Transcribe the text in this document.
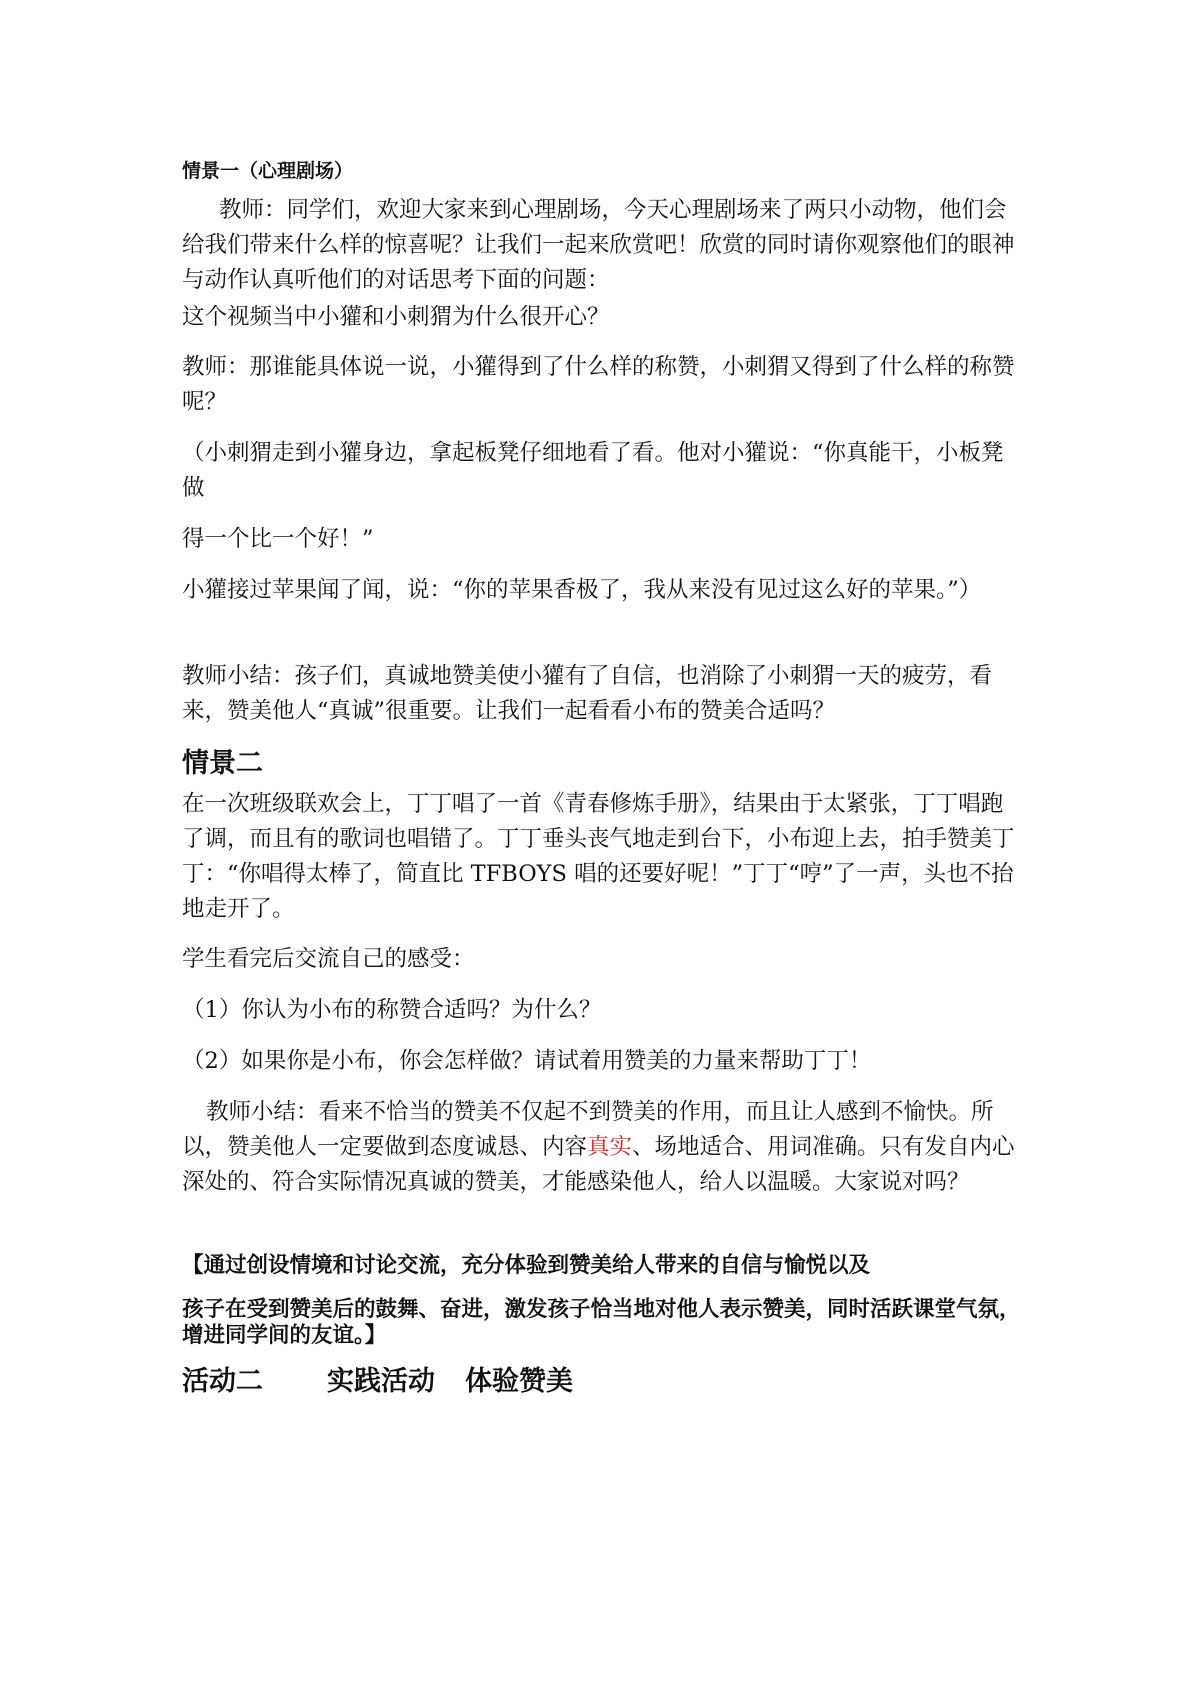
情景一（心理剧场）

教师：同学们，欢迎大家来到心理剧场，今天心理剧场来了两只小动物，他们会给我们带来什么样的惊喜呢？让我们一起来欣赏吧！欣赏的同时请你观察他们的眼神与动作认真听他们的对话思考下面的问题：

这个视频当中小獾和小刺猬为什么很开心？

教师：那谁能具体说一说，小獾得到了什么样的称赞，小刺猬又得到了什么样的称赞呢？

（小刺猬走到小獾身边，拿起板凳仔细地看了看。他对小獾说：“你真能干，小板凳做

得一个比一个好！”

小獾接过苹果闻了闻，说：“你的苹果香极了，我从来没有见过这么好的苹果。”）

教师小结：孩子们，真诚地赞美使小獾有了自信，也消除了小刺猬一天的疲劳，看来，赞美他人“真诚”很重要。让我们一起看看小布的赞美合适吗？

情景二

在一次班级联欢会上，丁丁唱了一首《青春修炼手册》，结果由于太紧张，丁丁唱跑了调，而且有的歌词也唱错了。丁丁垂头丧气地走到台下，小布迎上去，拍手赞美丁丁：“你唱得太棒了，简直比 TFBOYS 唱的还要好呢！”丁丁“哼”了一声，头也不抬地走开了。

学生看完后交流自己的感受：

（1）你认为小布的称赞合适吗？为什么？

（2）如果你是小布，你会怎样做？请试着用赞美的力量来帮助丁丁！

教师小结：看来不恰当的赞美不仅起不到赞美的作用，而且让人感到不愉快。所以，赞美他人一定要做到态度诚恳、内容真实、场地适合、用词准确。只有发自内心深处的、符合实际情况真诚的赞美，才能感染他人，给人以温暖。大家说对吗？

【通过创设情境和讨论交流，充分体验到赞美给人带来的自信与愉悦以及
孩子在受到赞美后的鼓舞、奋进，激发孩子恰当地对他人表示赞美，同时活跃课堂气氛，增进同学间的友谊。】
活动二 实践活动 体验赞美
